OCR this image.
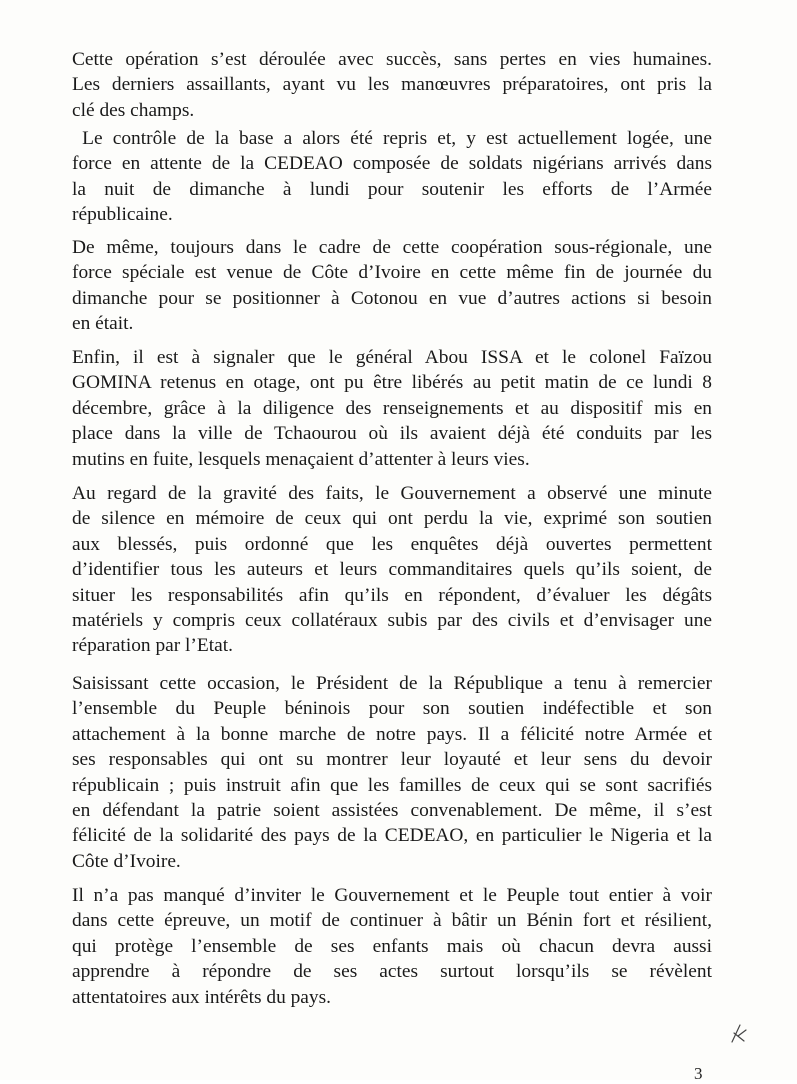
Cette opération s’est déroulée avec succès, sans pertes en vies humaines.
Les derniers assaillants, ayant vu les manœuvres préparatoires, ont pris la
clé des champs.
Le contrôle de la base a alors été repris et, y est actuellement logée, une
force en attente de la CEDEAO composée de soldats nigérians arrivés dans
la nuit de dimanche à lundi pour soutenir les efforts de l’Armée
républicaine.
De même, toujours dans le cadre de cette coopération sous-régionale, une
force spéciale est venue de Côte d’Ivoire en cette même fin de journée du
dimanche pour se positionner à Cotonou en vue d’autres actions si besoin
en était.
Enfin, il est à signaler que le général Abou ISSA et le colonel Faïzou
GOMINA retenus en otage, ont pu être libérés au petit matin de ce lundi 8
décembre, grâce à la diligence des renseignements et au dispositif mis en
place dans la ville de Tchaourou où ils avaient déjà été conduits par les
mutins en fuite, lesquels menaçaient d’attenter à leurs vies.
Au regard de la gravité des faits, le Gouvernement a observé une minute
de silence en mémoire de ceux qui ont perdu la vie, exprimé son soutien
aux blessés, puis ordonné que les enquêtes déjà ouvertes permettent
d’identifier tous les auteurs et leurs commanditaires quels qu’ils soient, de
situer les responsabilités afin qu’ils en répondent, d’évaluer les dégâts
matériels y compris ceux collatéraux subis par des civils et d’envisager une
réparation par l’Etat.
Saisissant cette occasion, le Président de la République a tenu à remercier
l’ensemble du Peuple béninois pour son soutien indéfectible et son
attachement à la bonne marche de notre pays. Il a félicité notre Armée et
ses responsables qui ont su montrer leur loyauté et leur sens du devoir
républicain ; puis instruit afin que les familles de ceux qui se sont sacrifiés
en défendant la patrie soient assistées convenablement. De même, il s’est
félicité de la solidarité des pays de la CEDEAO, en particulier le Nigeria et la
Côte d’Ivoire.
Il n’a pas manqué d’inviter le Gouvernement et le Peuple tout entier à voir
dans cette épreuve, un motif de continuer à bâtir un Bénin fort et résilient,
qui protège l’ensemble de ses enfants mais où chacun devra aussi
apprendre à répondre de ses actes surtout lorsqu’ils se révèlent
attentatoires aux intérêts du pays.
3
